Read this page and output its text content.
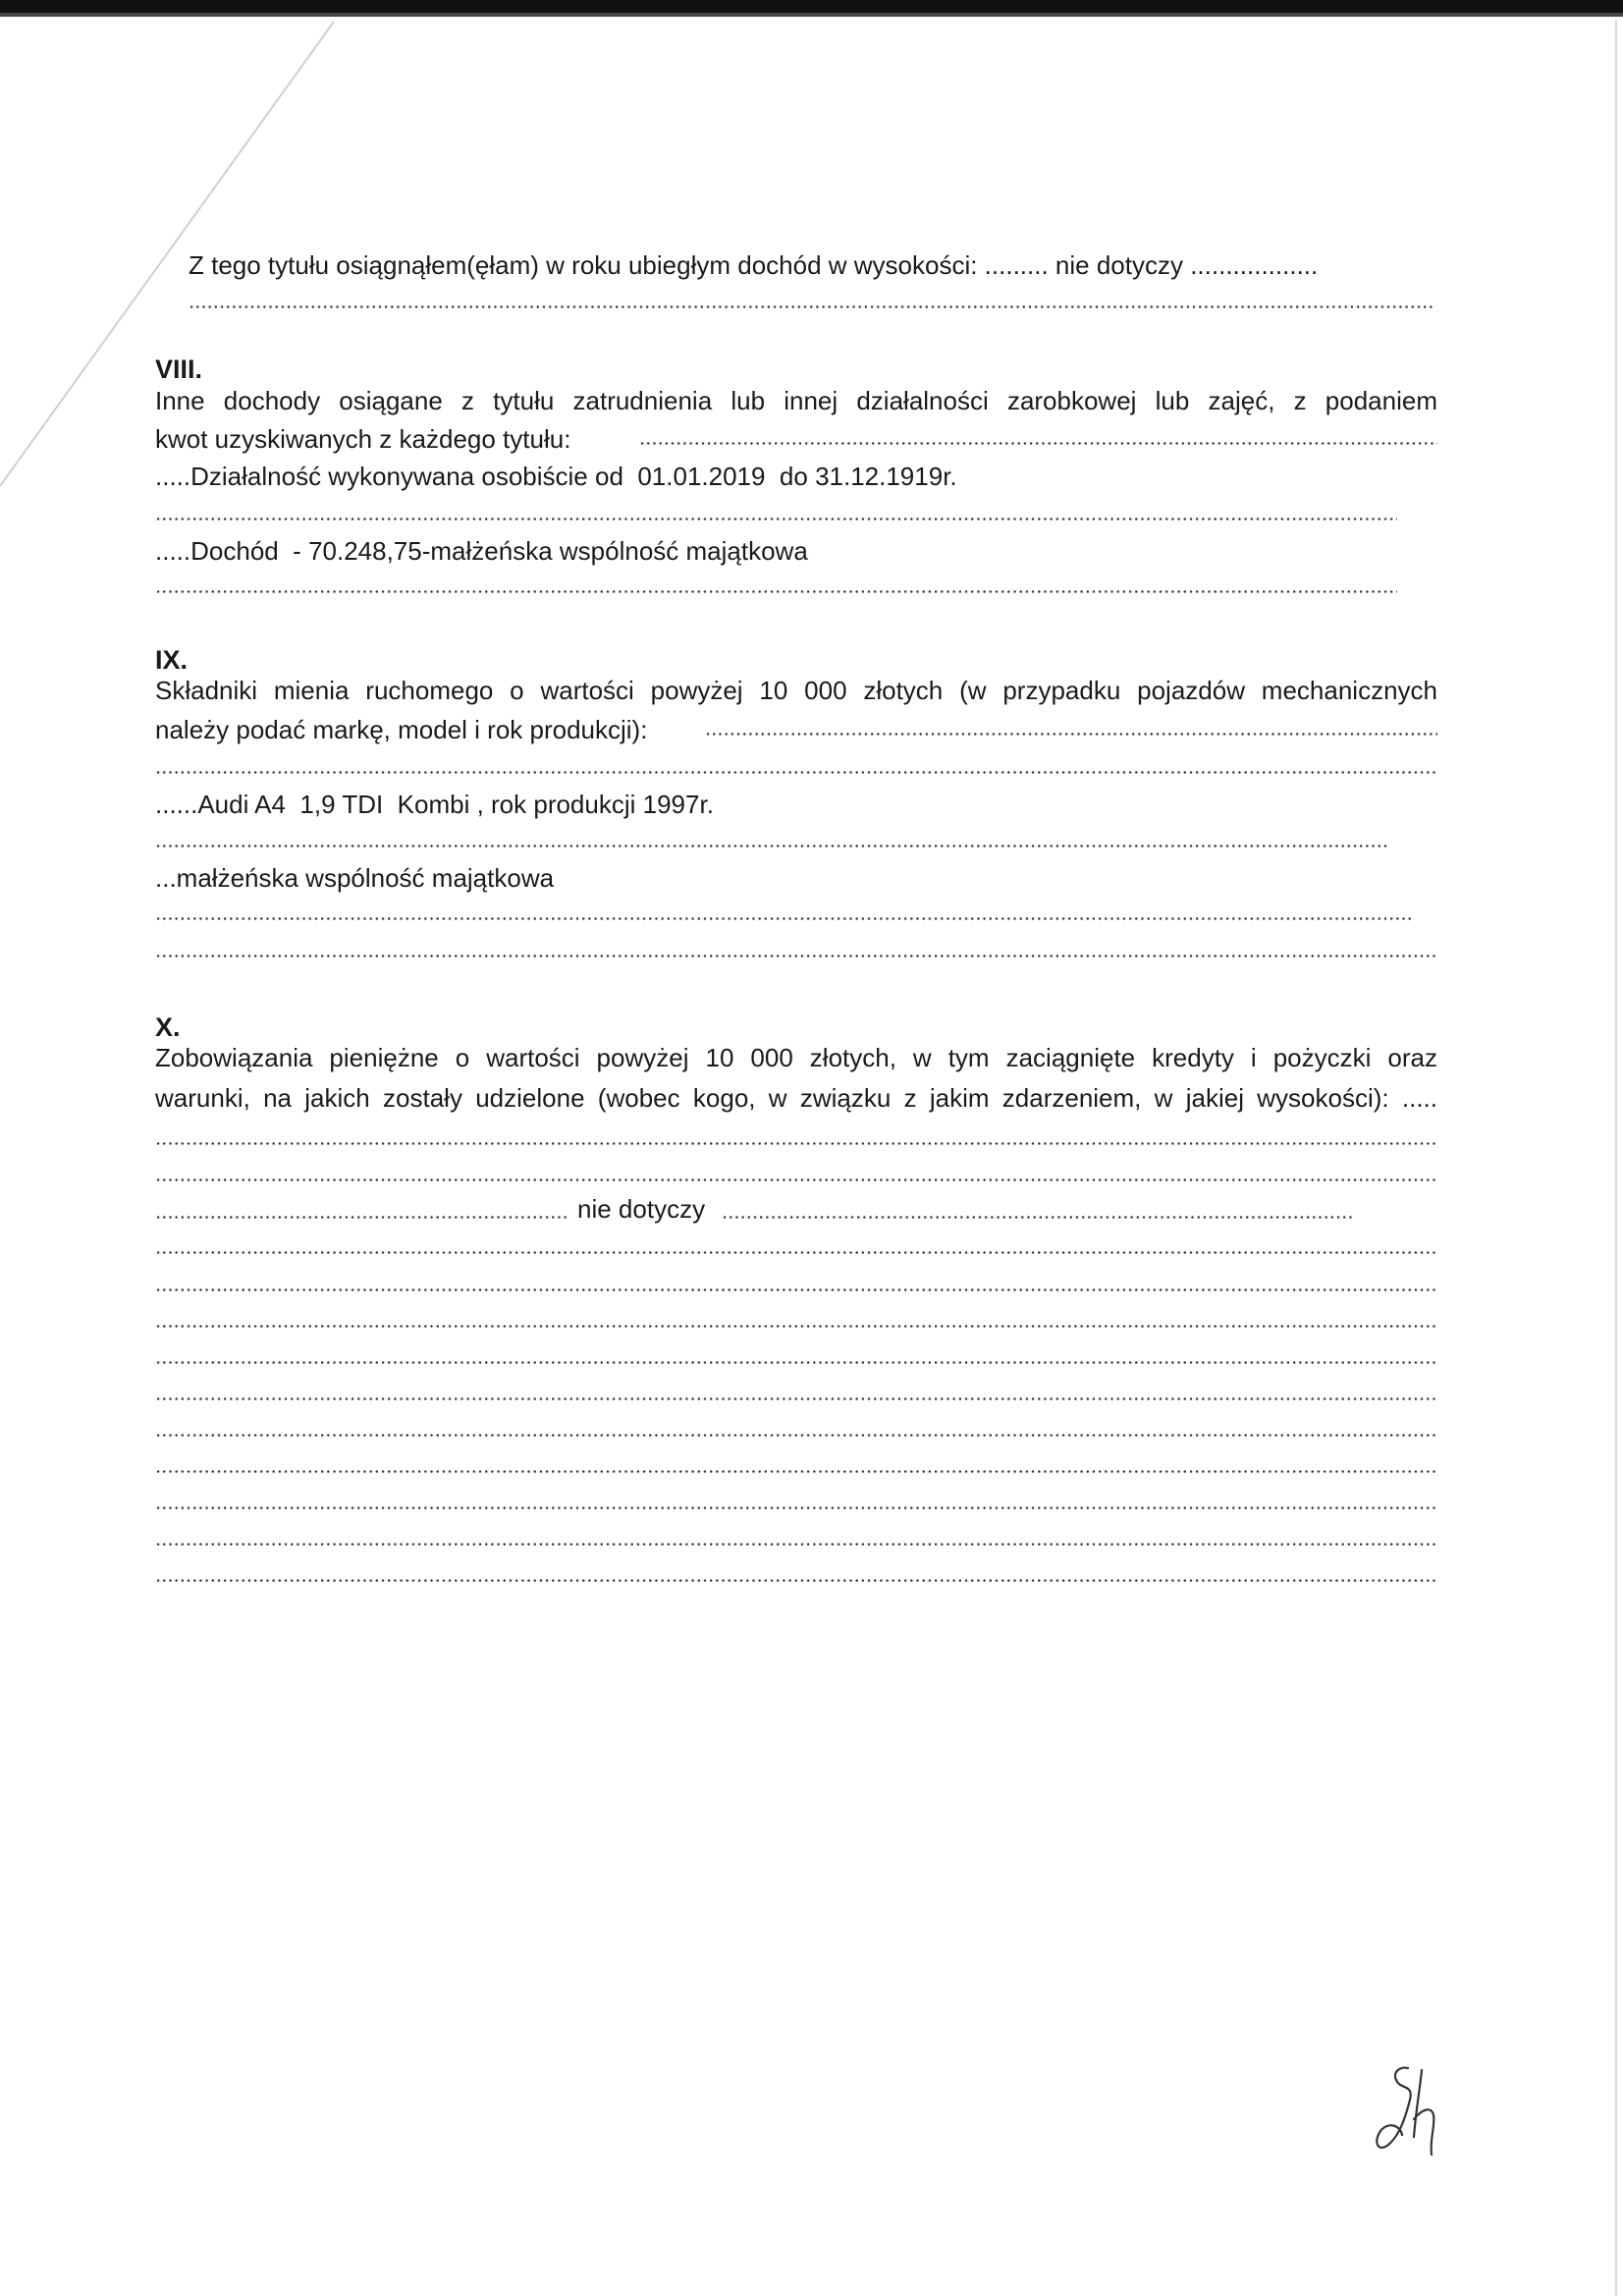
Z tego tytułu osiągnąłem(ęłam) w roku ubiegłym dochód w wysokości: ......... nie dotyczy ..................
VIII.
Inne dochody osiągane z tytułu zatrudnienia lub innej działalności zarobkowej lub zajęć, z podaniem
kwot uzyskiwanych z każdego tytułu:
.....Działalność wykonywana osobiście od  01.01.2019  do 31.12.1919r.
.....Dochód  - 70.248,75-małżeńska wspólność majątkowa
IX.
Składniki mienia ruchomego o wartości powyżej 10 000 złotych (w przypadku pojazdów mechanicznych
należy podać markę, model i rok produkcji):
......Audi A4  1,9 TDI  Kombi , rok produkcji 1997r.
...małżeńska wspólność majątkowa
X.
Zobowiązania pieniężne o wartości powyżej 10 000 złotych, w tym zaciągnięte kredyty i pożyczki oraz
warunki, na jakich zostały udzielone (wobec kogo, w związku z jakim zdarzeniem, w jakiej wysokości): .....
nie dotyczy
